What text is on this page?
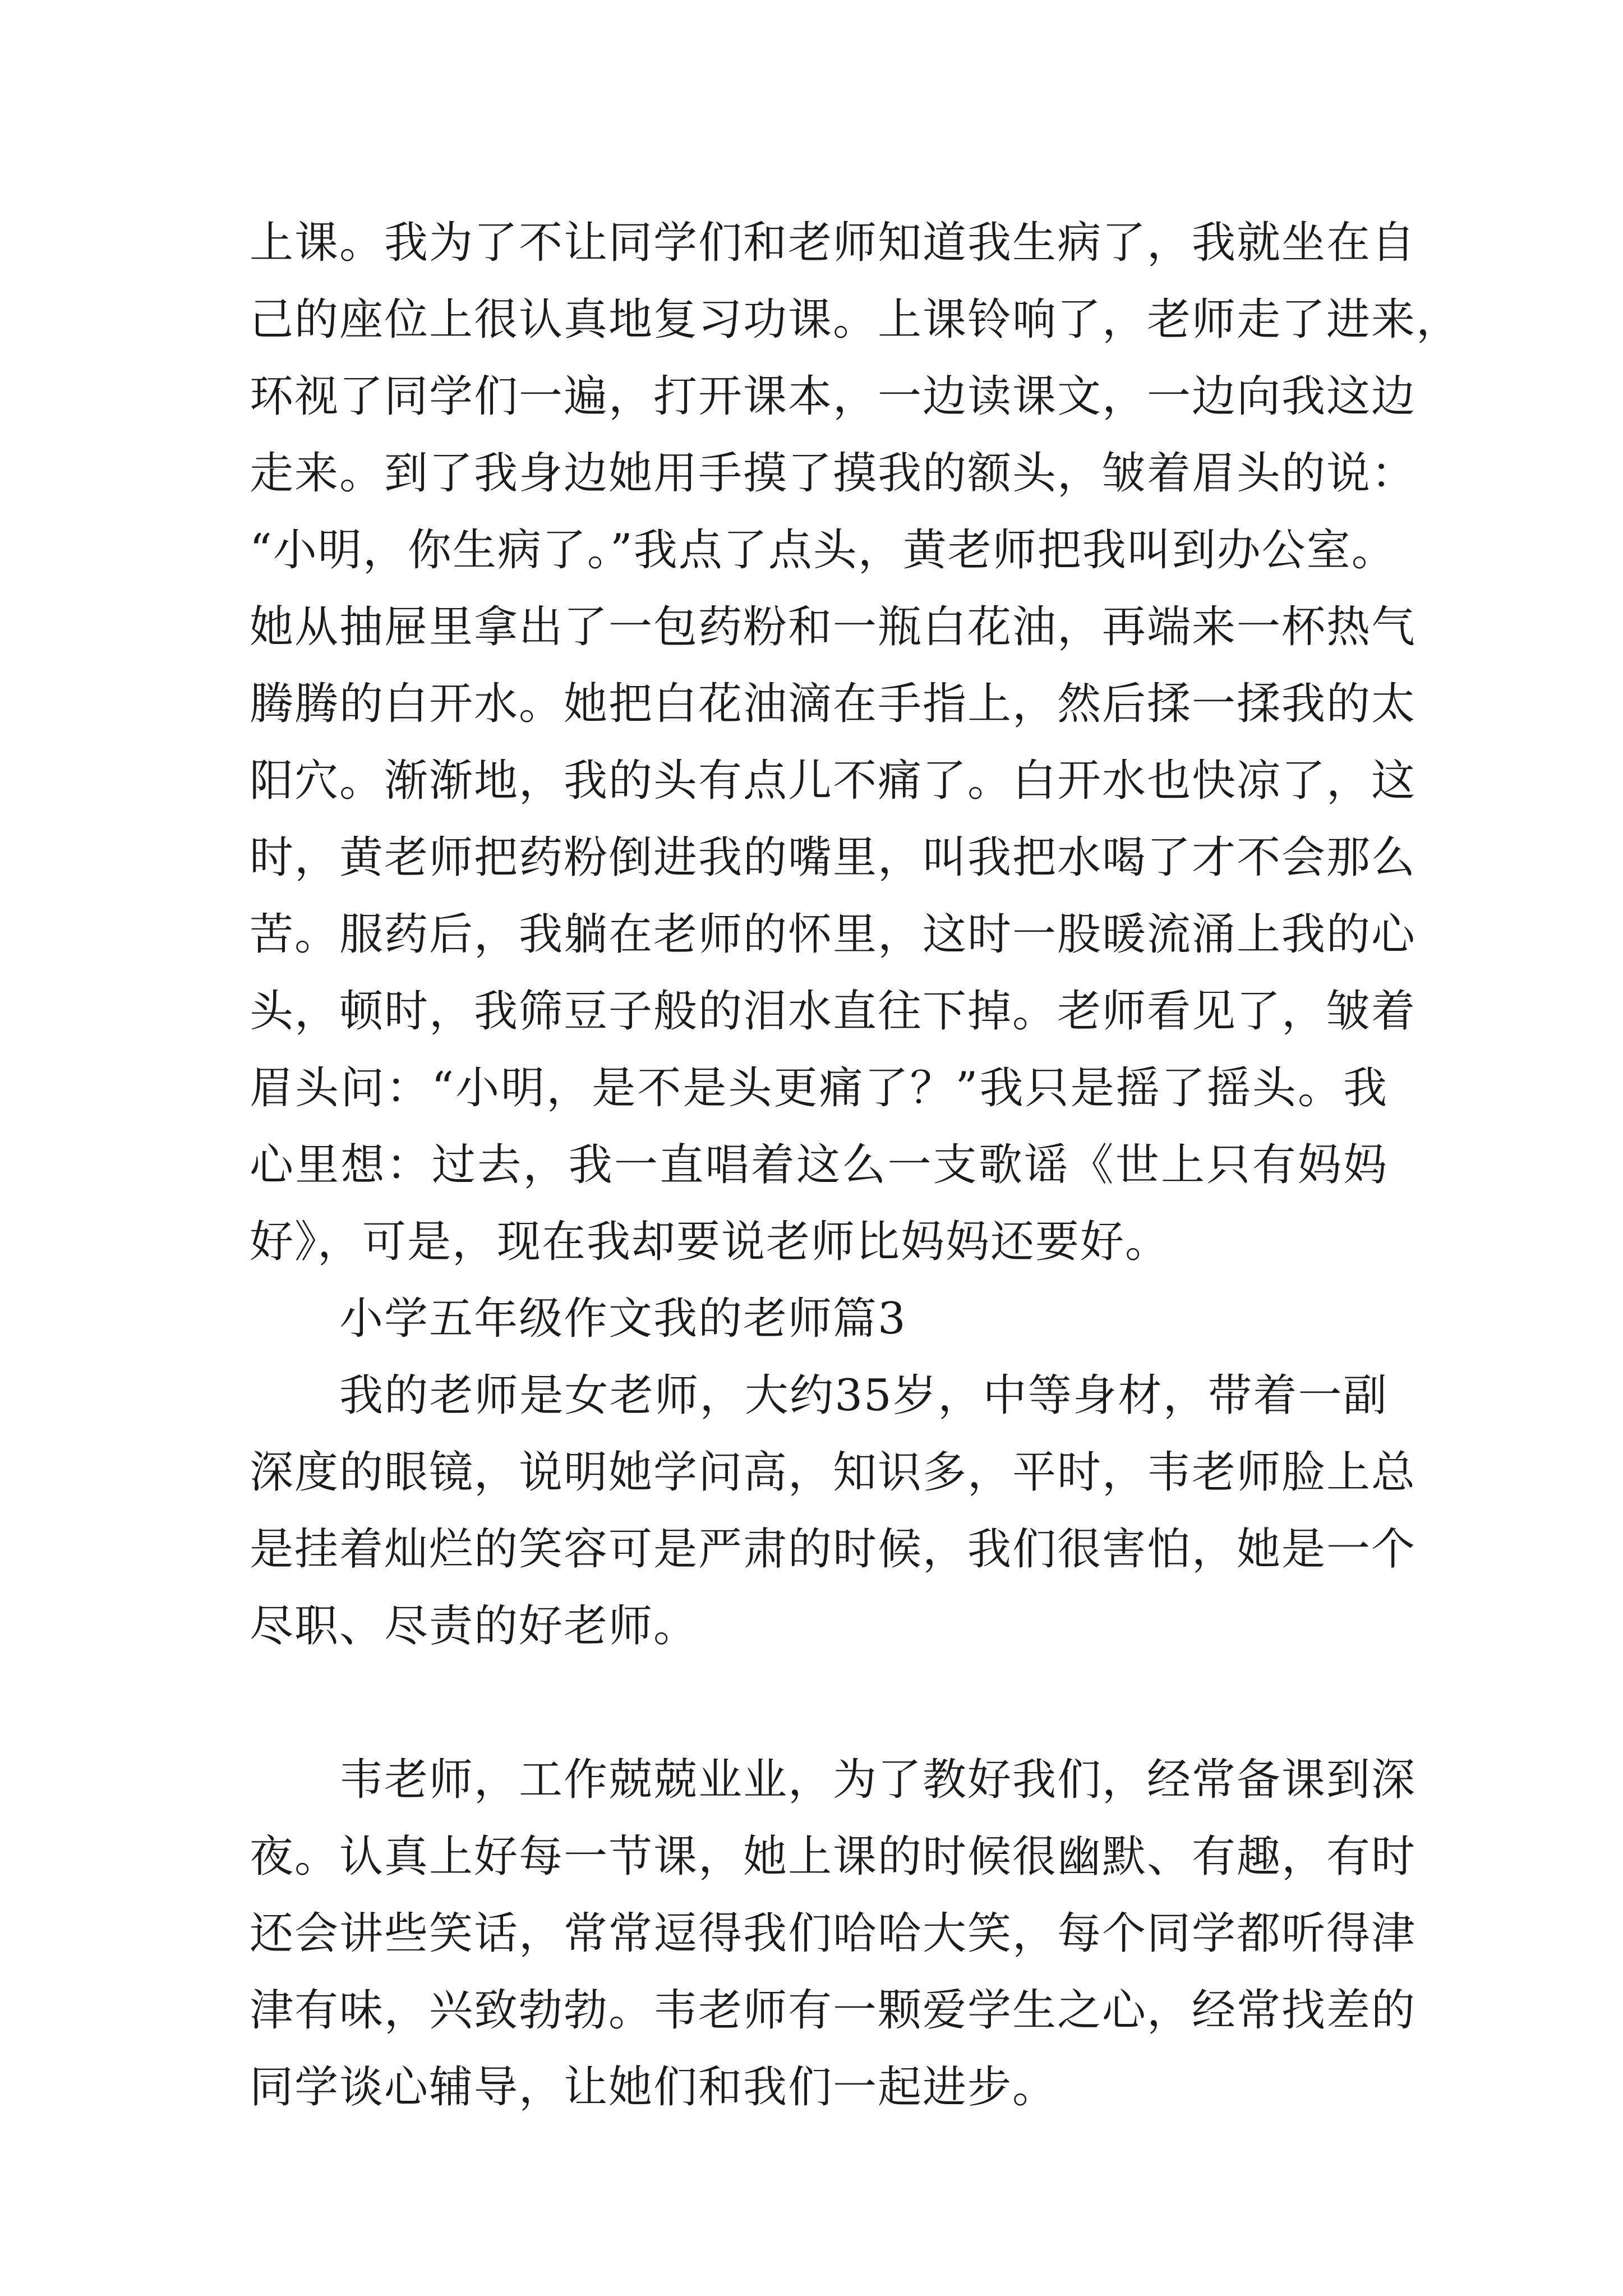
上课。我为了不让同学们和老师知道我生病了，我就坐在自
己的座位上很认真地复习功课。上课铃响了，老师走了进来，
环视了同学们一遍，打开课本，一边读课文，一边向我这边
走来。到了我身边她用手摸了摸我的额头，皱着眉头的说：
“小明，你生病了。”我点了点头，黄老师把我叫到办公室。
她从抽屉里拿出了一包药粉和一瓶白花油，再端来一杯热气
腾腾的白开水。她把白花油滴在手指上，然后揉一揉我的太
阳穴。渐渐地，我的头有点儿不痛了。白开水也快凉了，这
时，黄老师把药粉倒进我的嘴里，叫我把水喝了才不会那么
苦。服药后，我躺在老师的怀里，这时一股暖流涌上我的心
头，顿时，我筛豆子般的泪水直往下掉。老师看见了，皱着
眉头问：“小明，是不是头更痛了？”我只是摇了摇头。我
心里想：过去，我一直唱着这么一支歌谣《世上只有妈妈
好》，可是，现在我却要说老师比妈妈还要好。
小学五年级作文我的老师篇3
我的老师是女老师，大约35岁，中等身材，带着一副
深度的眼镜，说明她学问高，知识多，平时，韦老师脸上总
是挂着灿烂的笑容可是严肃的时候，我们很害怕，她是一个
尽职、尽责的好老师。
韦老师，工作兢兢业业，为了教好我们，经常备课到深
夜。认真上好每一节课，她上课的时候很幽默、有趣，有时
还会讲些笑话，常常逗得我们哈哈大笑，每个同学都听得津
津有味，兴致勃勃。韦老师有一颗爱学生之心，经常找差的
同学谈心辅导，让她们和我们一起进步。
